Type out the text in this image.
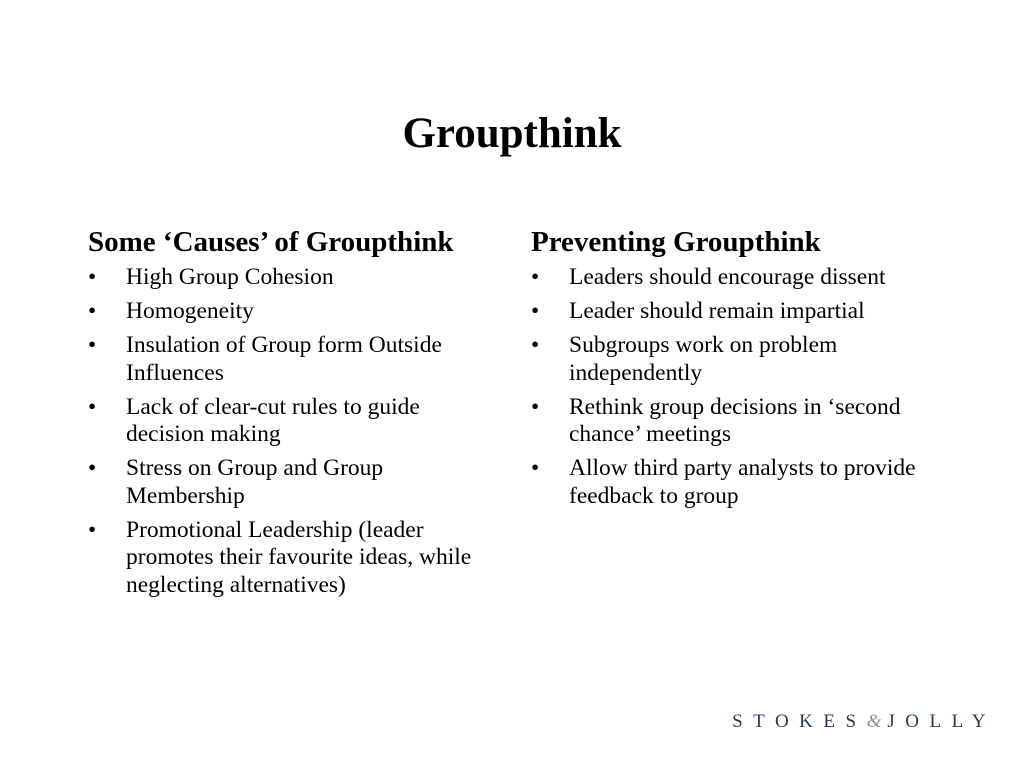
Groupthink
Some ‘Causes’ of Groupthink
•	High Group Cohesion
•	Homogeneity
•	Insulation of Group form Outside Influences
•	Lack of clear-cut rules to guide decision making
•	Stress on Group and Group Membership
•	Promotional Leadership (leader promotes their favourite ideas, while neglecting alternatives)
Preventing Groupthink
•	Leaders should encourage dissent
•	Leader should remain impartial
•	Subgroups work on problem independently
•	Rethink group decisions in ‘second chance’ meetings
•	Allow third party analysts to provide feedback to group
STOKES&JOLLY
